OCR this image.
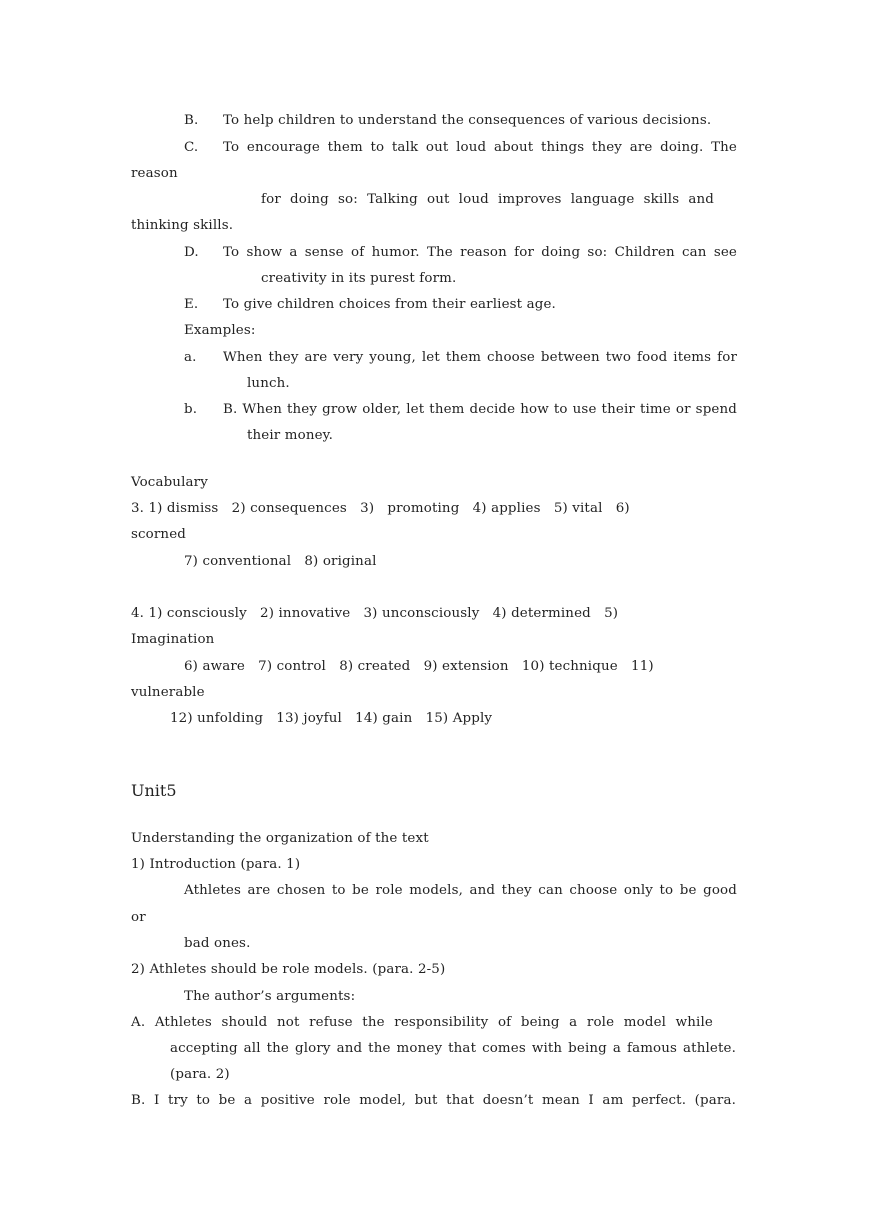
B. To help children to understand the consequences of various decisions.
C. To encourage them to talk out loud about things they are doing. The
reason
for doing so: Talking out loud improves language skills and
thinking skills.
D. To show a sense of humor. The reason for doing so: Children can see
creativity in its purest form.
E. To give children choices from their earliest age.
Examples:
a. When they are very young, let them choose between two food items for
lunch.
b. B. When they grow older, let them decide how to use their time or spend
their money.
Vocabulary
3. 1) dismiss   2) consequences   3)   promoting   4) applies   5) vital   6)
scorned
7) conventional   8) original
4. 1) consciously   2) innovative   3) unconsciously   4) determined   5)
Imagination
6) aware   7) control   8) created   9) extension   10) technique   11)
vulnerable
12) unfolding   13) joyful   14) gain   15) Apply
Unit5
Understanding the organization of the text
1) Introduction (para. 1)
Athletes are chosen to be role models, and they can choose only to be good
or
bad ones.
2) Athletes should be role models. (para. 2-5)
The author’s arguments:
A. Athletes should not refuse the responsibility of being a role model while
accepting all the glory and the money that comes with being a famous athlete.
(para. 2)
B. I try to be a positive role model, but that doesn’t mean I am perfect. (para.
